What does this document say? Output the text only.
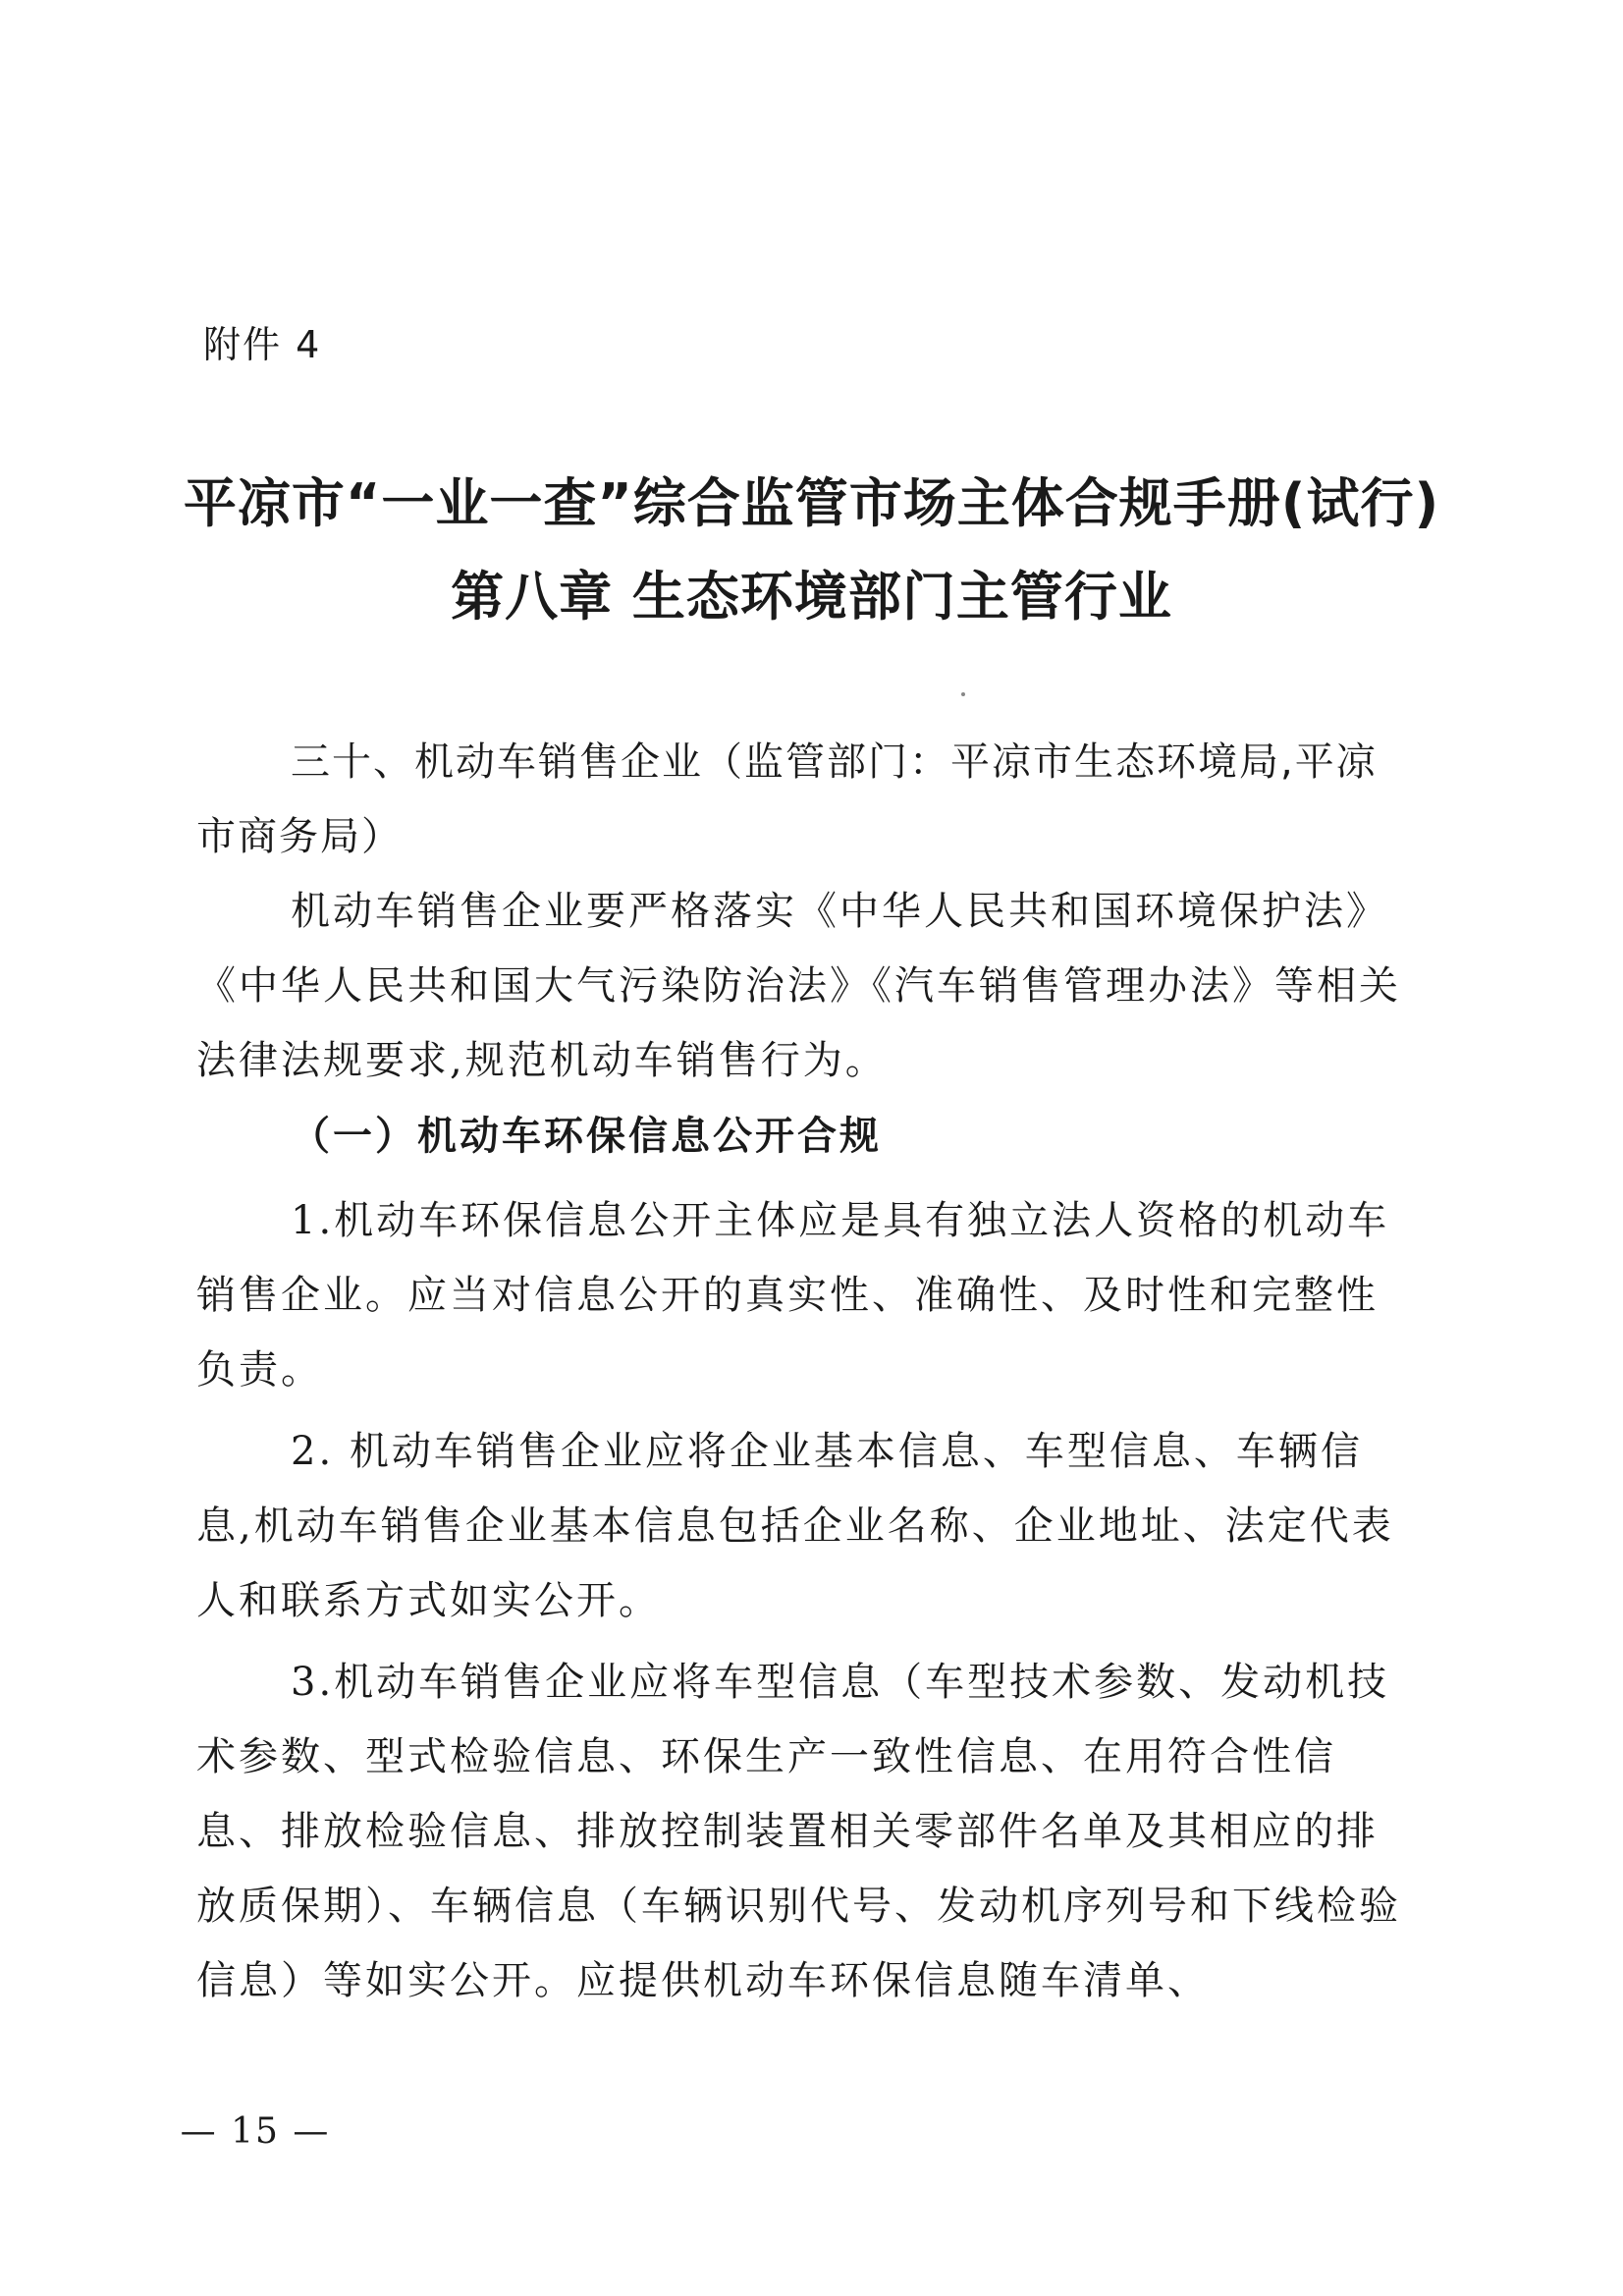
附件 4
平凉市“一业一查”综合监管市场主体合规手册(试行)
第八章 生态环境部门主管行业

三十、机动车销售企业（监管部门：平凉市生态环境局,平凉市商务局）

机动车销售企业要严格落实《中华人民共和国环境保护法》《中华人民共和国大气污染防治法》《汽车销售管理办法》等相关法律法规要求,规范机动车销售行为。

（一）机动车环保信息公开合规

1.机动车环保信息公开主体应是具有独立法人资格的机动车销售企业。应当对信息公开的真实性、准确性、及时性和完整性负责。

2. 机动车销售企业应将企业基本信息、车型信息、车辆信息,机动车销售企业基本信息包括企业名称、企业地址、法定代表人和联系方式如实公开。

3.机动车销售企业应将车型信息（车型技术参数、发动机技术参数、型式检验信息、环保生产一致性信息、在用符合性信息、排放检验信息、排放控制装置相关零部件名单及其相应的排放质保期）、车辆信息（车辆识别代号、发动机序列号和下线检验信息）等如实公开。应提供机动车环保信息随车清单、

— 15 —
